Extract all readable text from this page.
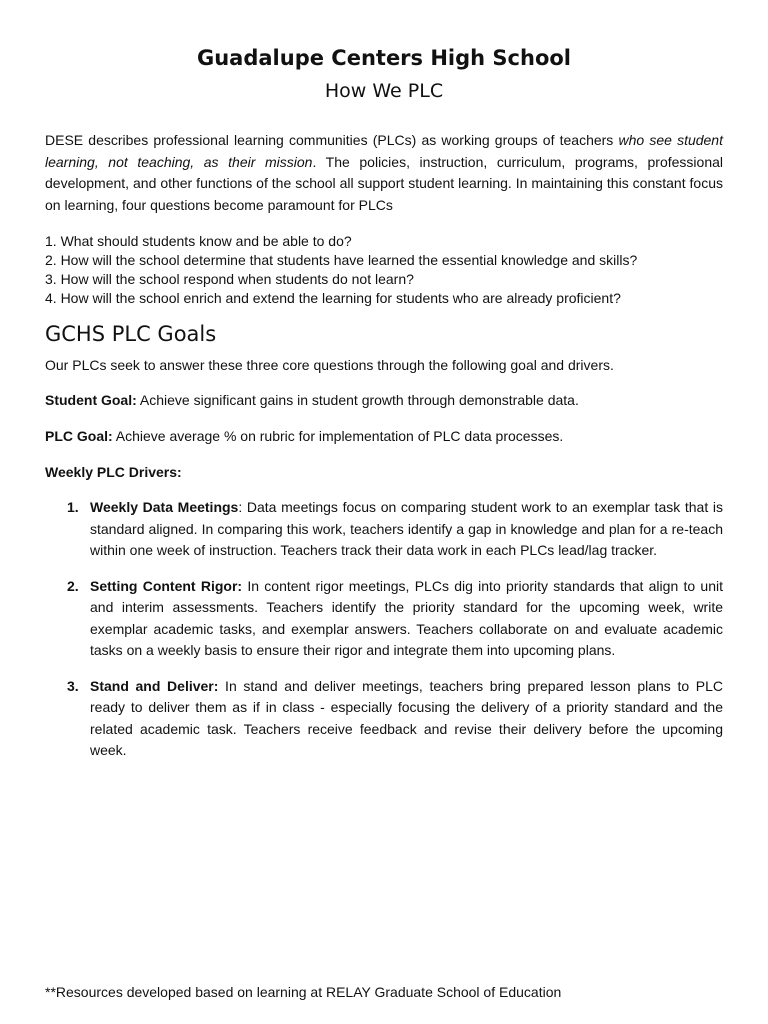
Guadalupe Centers High School
How We PLC

DESE describes professional learning communities (PLCs) as working groups of teachers who see student learning, not teaching, as their mission. The policies, instruction, curriculum, programs, professional development, and other functions of the school all support student learning. In maintaining this constant focus on learning, four questions become paramount for PLCs

1. What should students know and be able to do?
2. How will the school determine that students have learned the essential knowledge and skills?
3. How will the school respond when students do not learn?
4. How will the school enrich and extend the learning for students who are already proficient?
GCHS PLC Goals

Our PLCs seek to answer these three core questions through the following goal and drivers.

Student Goal: Achieve significant gains in student growth through demonstrable data.

PLC Goal: Achieve average % on rubric for implementation of PLC data processes.

Weekly PLC Drivers:

1. Weekly Data Meetings: Data meetings focus on comparing student work to an exemplar task that is standard aligned. In comparing this work, teachers identify a gap in knowledge and plan for a re-teach within one week of instruction. Teachers track their data work in each PLCs lead/lag tracker.
2. Setting Content Rigor: In content rigor meetings, PLCs dig into priority standards that align to unit and interim assessments. Teachers identify the priority standard for the upcoming week, write exemplar academic tasks, and exemplar answers. Teachers collaborate on and evaluate academic tasks on a weekly basis to ensure their rigor and integrate them into upcoming plans.
3. Stand and Deliver: In stand and deliver meetings, teachers bring prepared lesson plans to PLC ready to deliver them as if in class - especially focusing the delivery of a priority standard and the related academic task. Teachers receive feedback and revise their delivery before the upcoming week.
**Resources developed based on learning at RELAY Graduate School of Education
